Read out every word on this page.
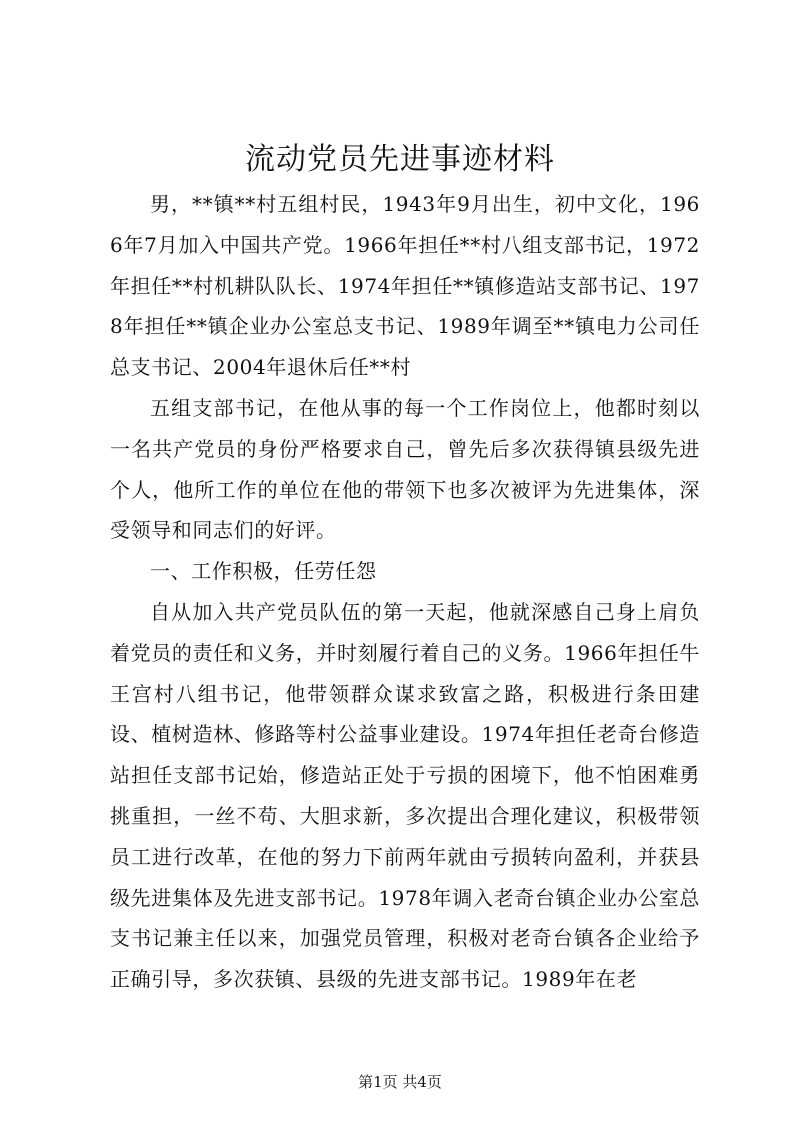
流动党员先进事迹材料

男，**镇**村五组村民，1943年9月出生，初中文化，1966年7月加入中国共产党。1966年担任**村八组支部书记，1972年担任**村机耕队队长、1974年担任**镇修造站支部书记、1978年担任**镇企业办公室总支书记、1989年调至**镇电力公司任总支书记、2004年退休后任**村

五组支部书记，在他从事的每一个工作岗位上，他都时刻以一名共产党员的身份严格要求自己，曾先后多次获得镇县级先进个人，他所工作的单位在他的带领下也多次被评为先进集体，深受领导和同志们的好评。

一、工作积极，任劳任怨

自从加入共产党员队伍的第一天起，他就深感自己身上肩负着党员的责任和义务，并时刻履行着自己的义务。1966年担任牛王宫村八组书记，他带领群众谋求致富之路，积极进行条田建设、植树造林、修路等村公益事业建设。1974年担任老奇台修造站担任支部书记始，修造站正处于亏损的困境下，他不怕困难勇挑重担，一丝不苟、大胆求新，多次提出合理化建议，积极带领员工进行改革，在他的努力下前两年就由亏损转向盈利，并获县级先进集体及先进支部书记。1978年调入老奇台镇企业办公室总支书记兼主任以来，加强党员管理，积极对老奇台镇各企业给予正确引导，多次获镇、县级的先进支部书记。1989年在老

第1页 共4页
